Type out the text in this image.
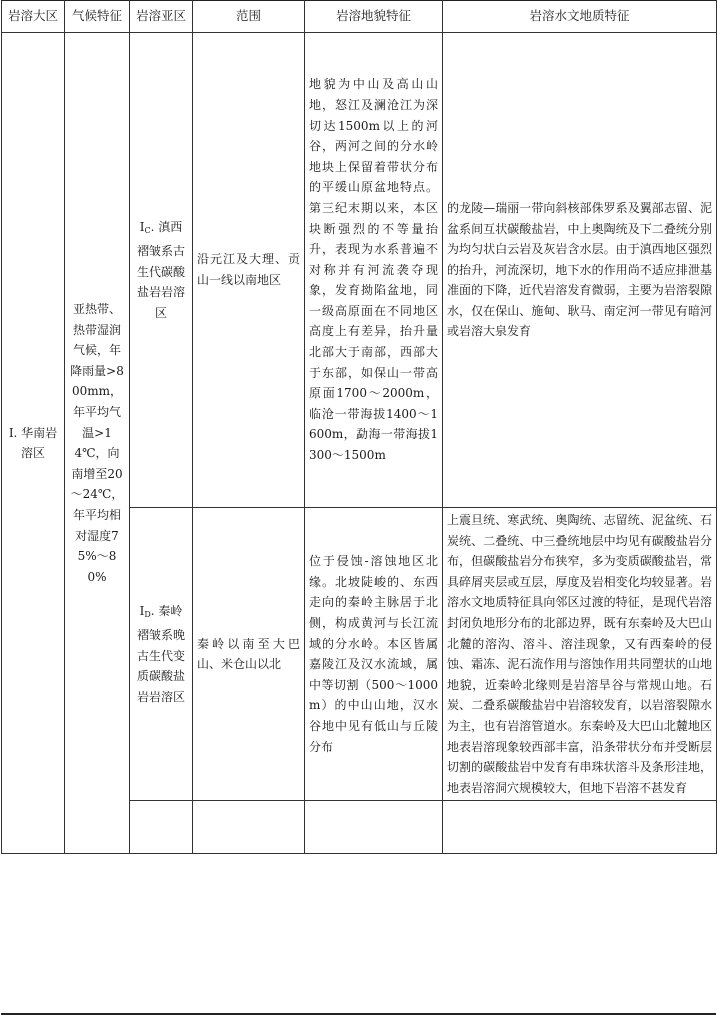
岩溶大区	气候特征	岩溶亚区	范围	岩溶地貌特征	岩溶水文地质特征
Ⅰ. 华南岩溶区	亚热带、热带湿润气候，年降雨量>800mm，年平均气温>14℃，向南增至20～24℃，年平均相对湿度75%～80%	ⅠC. 滇西褶皱系古生代碳酸盐岩岩溶区	沿元江及大理、贡山一线以南地区	地貌为中山及高山山地，怒江及澜沧江为深切达1500m以上的河谷，两河之间的分水岭地块上保留着带状分布的平缓山原盆地特点。第三纪末期以来，本区块断强烈的不等量抬升，表现为水系普遍不对称并有河流袭夺现象，发育拗陷盆地，同一级高原面在不同地区高度上有差异，抬升量北部大于南部，西部大于东部，如保山一带高原面1700～2000m，临沧一带海拔1400～1600m，勐海一带海拔1300～1500m	的龙陵—瑞丽一带向斜核部侏罗系及翼部志留、泥盆系间互状碳酸盐岩，中上奥陶统及下二叠统分别为均匀状白云岩及灰岩含水层。由于滇西地区强烈的抬升，河流深切，地下水的作用尚不适应排泄基准面的下降，近代岩溶发育微弱，主要为岩溶裂隙水，仅在保山、施甸、耿马、南定河一带见有暗河或岩溶大泉发育
		ⅠD. 秦岭褶皱系晚古生代变质碳酸盐岩岩溶区	秦岭以南至大巴山、米仓山以北	位于侵蚀-溶蚀地区北缘。北坡陡峻的、东西走向的秦岭主脉居于北侧，构成黄河与长江流域的分水岭。本区皆属嘉陵江及汉水流域，属中等切割（500～1000m）的中山山地，汉水谷地中见有低山与丘陵分布	上震旦统、寒武统、奥陶统、志留统、泥盆统、石炭统、二叠统、中三叠统地层中均见有碳酸盐岩分布，但碳酸盐岩分布狭窄，多为变质碳酸盐岩，常具碎屑夹层或互层，厚度及岩相变化均较显著。岩溶水文地质特征具向邻区过渡的特征，是现代岩溶封闭负地形分布的北部边界，既有东秦岭及大巴山北麓的溶沟、溶斗、溶洼现象，又有西秦岭的侵蚀、霜冻、泥石流作用与溶蚀作用共同塑状的山地地貌，近秦岭北缘则是岩溶旱谷与常规山地。石炭、二叠系碳酸盐岩中岩溶较发育，以岩溶裂隙水为主，也有岩溶管道水。东秦岭及大巴山北麓地区地表岩溶现象较西部丰富，沿条带状分布并受断层切割的碳酸盐岩中发育有串珠状溶斗及条形洼地，地表岩溶洞穴规模较大，但地下岩溶不甚发育
